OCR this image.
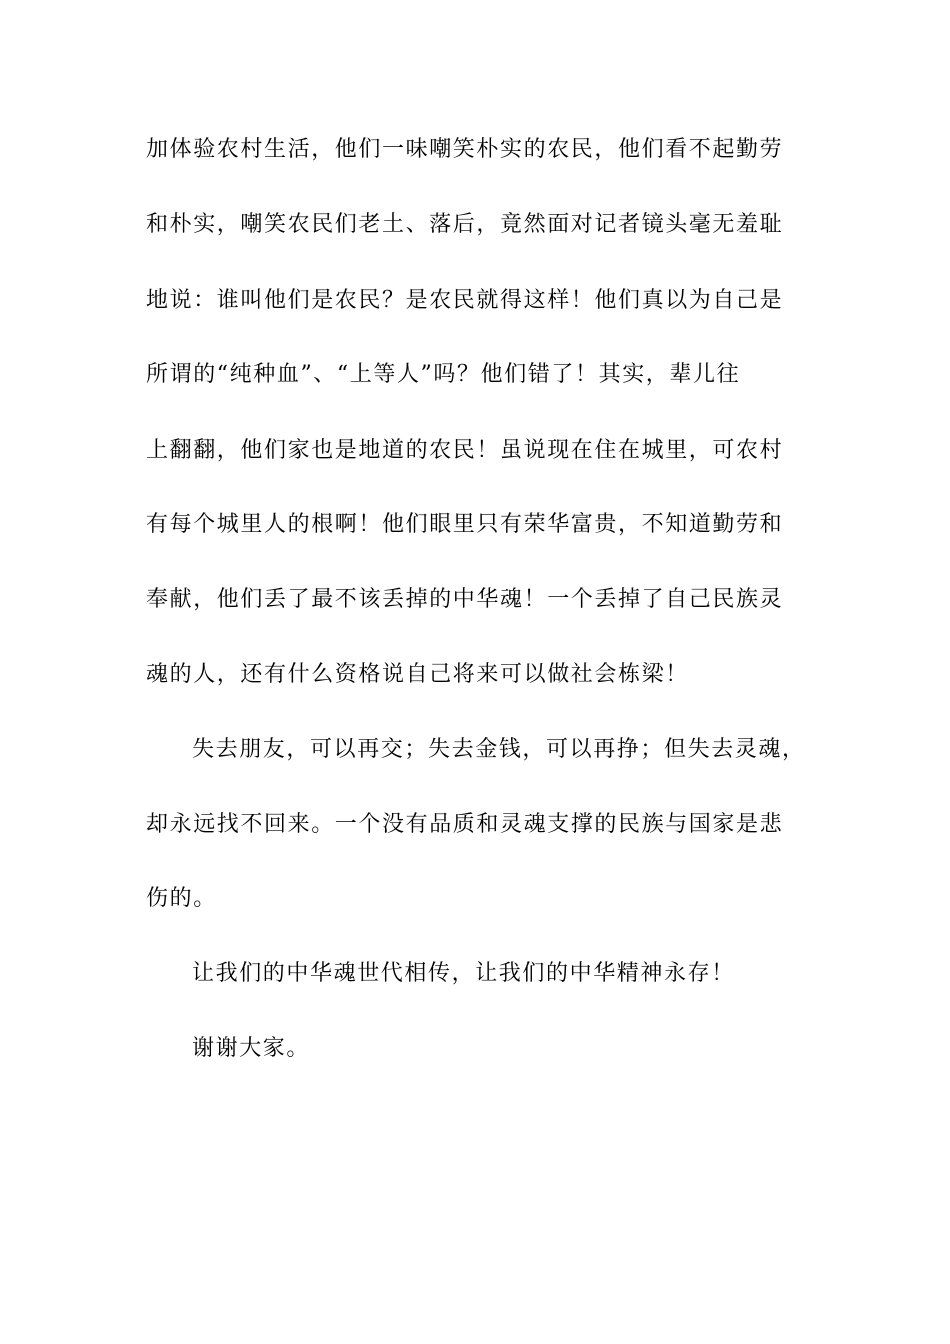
加体验农村生活，他们一味嘲笑朴实的农民，他们看不起勤劳
和朴实，嘲笑农民们老土、落后，竟然面对记者镜头毫无羞耻
地说：谁叫他们是农民？是农民就得这样！他们真以为自己是
所谓的“纯种血”、“上等人”吗？他们错了！其实，辈儿往
上翻翻，他们家也是地道的农民！虽说现在住在城里，可农村
有每个城里人的根啊！他们眼里只有荣华富贵，不知道勤劳和
奉献，他们丢了最不该丢掉的中华魂！一个丢掉了自己民族灵
魂的人，还有什么资格说自己将来可以做社会栋梁！
失去朋友，可以再交；失去金钱，可以再挣；但失去灵魂，
却永远找不回来。一个没有品质和灵魂支撑的民族与国家是悲
伤的。
让我们的中华魂世代相传，让我们的中华精神永存！
谢谢大家。
